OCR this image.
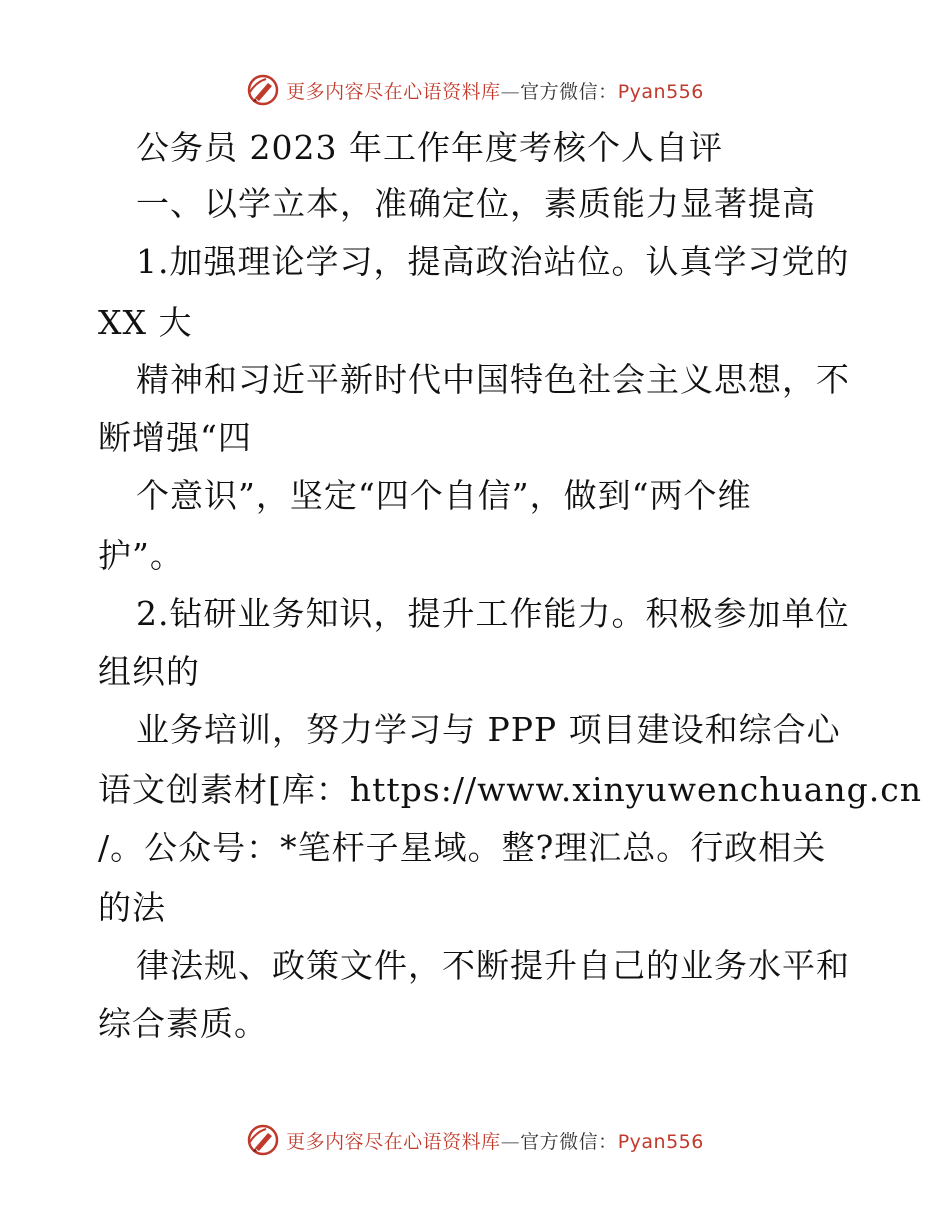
更多内容尽在心语资料库—官方微信：Pyan556
公务员 2023 年工作年度考核个人自评
一、以学立本，准确定位，素质能力显著提高
1.加强理论学习，提高政治站位。认真学习党的
XX 大
精神和习近平新时代中国特色社会主义思想，不
断增强“四
个意识”，坚定“四个自信”，做到“两个维
护”。
2.钻研业务知识，提升工作能力。积极参加单位
组织的
业务培训，努力学习与 PPP 项目建设和综合心
语文创素材[库：https://www.xinyuwenchuang.cn
/。公众号：*笔杆子星域。整?理汇总。行政相关
的法
律法规、政策文件，不断提升自己的业务水平和
综合素质。
更多内容尽在心语资料库—官方微信：Pyan556
